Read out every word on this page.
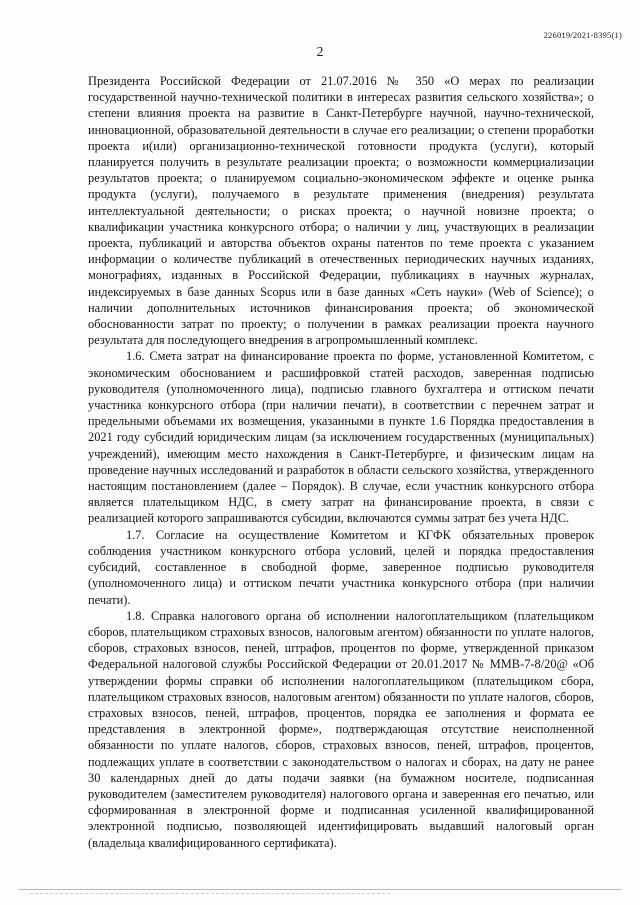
226019/2021-8395(1)
2

Президента Российской Федерации от 21.07.2016 № 350 «О мерах по реализации государственной научно-технической политики в интересах развития сельского хозяйства»; о степени влияния проекта на развитие в Санкт-Петербурге научной, научно-технической, инновационной, образовательной деятельности в случае его реализации; о степени проработки проекта и(или) организационно-технической готовности продукта (услуги), который планируется получить в результате реализации проекта; о возможности коммерциализации результатов проекта; о планируемом социально-экономическом эффекте и оценке рынка продукта (услуги), получаемого в результате применения (внедрения) результата интеллектуальной деятельности; о рисках проекта; о научной новизне проекта; о квалификации участника конкурсного отбора; о наличии у лиц, участвующих в реализации проекта, публикаций и авторства объектов охраны патентов по теме проекта с указанием информации о количестве публикаций в отечественных периодических научных изданиях, монографиях, изданных в Российской Федерации, публикациях в научных журналах, индексируемых в базе данных Scopus или в базе данных «Сеть науки» (Web of Science); о наличии дополнительных источников финансирования проекта; об экономической обоснованности затрат по проекту; о получении в рамках реализации проекта научного результата для последующего внедрения в агропромышленный комплекс.

1.6. Смета затрат на финансирование проекта по форме, установленной Комитетом, с экономическим обоснованием и расшифровкой статей расходов, заверенная подписью руководителя (уполномоченного лица), подписью главного бухгалтера и оттиском печати участника конкурсного отбора (при наличии печати), в соответствии с перечнем затрат и предельными объемами их возмещения, указанными в пункте 1.6 Порядка предоставления в 2021 году субсидий юридическим лицам (за исключением государственных (муниципальных) учреждений), имеющим место нахождения в Санкт-Петербурге, и физическим лицам на проведение научных исследований и разработок в области сельского хозяйства, утвержденного настоящим постановлением (далее – Порядок). В случае, если участник конкурсного отбора является плательщиком НДС, в смету затрат на финансирование проекта, в связи с реализацией которого запрашиваются субсидии, включаются суммы затрат без учета НДС.

1.7. Согласие на осуществление Комитетом и КГФК обязательных проверок соблюдения участником конкурсного отбора условий, целей и порядка предоставления субсидий, составленное в свободной форме, заверенное подписью руководителя (уполномоченного лица) и оттиском печати участника конкурсного отбора (при наличии печати).

1.8. Справка налогового органа об исполнении налогоплательщиком (плательщиком сборов, плательщиком страховых взносов, налоговым агентом) обязанности по уплате налогов, сборов, страховых взносов, пеней, штрафов, процентов по форме, утвержденной приказом Федеральной налоговой службы Российской Федерации от 20.01.2017 № ММВ-7-8/20@ «Об утверждении формы справки об исполнении налогоплательщиком (плательщиком сбора, плательщиком страховых взносов, налоговым агентом) обязанности по уплате налогов, сборов, страховых взносов, пеней, штрафов, процентов, порядка ее заполнения и формата ее представления в электронной форме», подтверждающая отсутствие неисполненной обязанности по уплате налогов, сборов, страховых взносов, пеней, штрафов, процентов, подлежащих уплате в соответствии с законодательством о налогах и сборах, на дату не ранее 30 календарных дней до даты подачи заявки (на бумажном носителе, подписанная руководителем (заместителем руководителя) налогового органа и заверенная его печатью, или сформированная в электронной форме и подписанная усиленной квалифицированной электронной подписью, позволяющей идентифицировать выдавший налоговый орган (владельца квалифицированного сертификата).
